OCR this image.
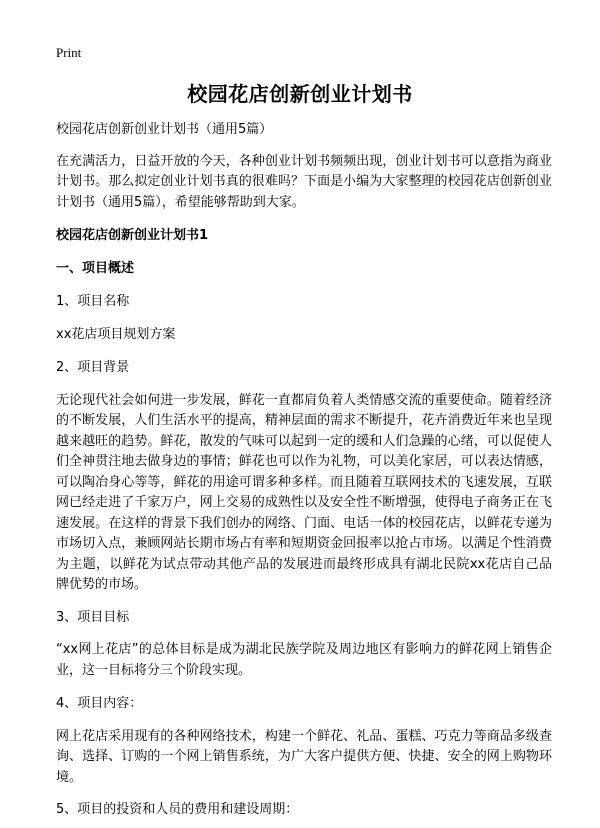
Print
校园花店创新创业计划书

校园花店创新创业计划书（通用5篇）

在充满活力，日益开放的今天，各种创业计划书频频出现，创业计划书可以意指为商业计划书。那么拟定创业计划书真的很难吗？下面是小编为大家整理的校园花店创新创业计划书（通用5篇），希望能够帮助到大家。

校园花店创新创业计划书1

一、项目概述

1、项目名称

xx花店项目规划方案

2、项目背景

无论现代社会如何进一步发展，鲜花一直都肩负着人类情感交流的重要使命。随着经济的不断发展，人们生活水平的提高，精神层面的需求不断提升，花卉消费近年来也呈现越来越旺的趋势。鲜花，散发的气味可以起到一定的缓和人们急躁的心绪，可以促使人们全神贯注地去做身边的事情；鲜花也可以作为礼物，可以美化家居，可以表达情感，可以陶冶身心等等，鲜花的用途可谓多种多样。而且随着互联网技术的飞速发展，互联网已经走进了千家万户，网上交易的成熟性以及安全性不断增强，使得电子商务正在飞速发展。在这样的背景下我们创办的网络、门面、电话一体的校园花店，以鲜花专递为市场切入点，兼顾网站长期市场占有率和短期资金回报率以抢占市场。以满足个性消费为主题，以鲜花为试点带动其他产品的发展进而最终形成具有湖北民院xx花店自己品牌优势的市场。

3、项目目标

“xx网上花店”的总体目标是成为湖北民族学院及周边地区有影响力的鲜花网上销售企业，这一目标将分三个阶段实现。

4、项目内容：

网上花店采用现有的各种网络技术，构建一个鲜花、礼品、蛋糕、巧克力等商品多级查询、选择、订购的一个网上销售系统，为广大客户提供方便、快捷、安全的网上购物环境。

5、项目的投资和人员的费用和建设周期：
